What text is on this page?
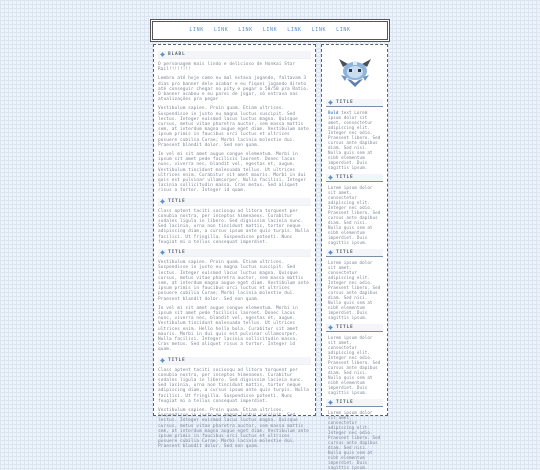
LINK	LINK	LINK	LINK	LINK	LINK	LINK
BLABL

O personagem mais lindo e delicioso de Honkai Star Rail!!!!!!!!

Lembro até hoje como eu mal estava jogando, faltavam 3 dias pro banner dele acabar e eu fiquei jogando direto até conseguir chegar no pity e pegar o 50/50 pra Ratio. O banner acabou e eu parei de jogar, só entrava nas atualizações pra pegar

Vestibulum sapien. Proin quam. Etiam ultrices. Suspendisse in justo eu magna luctus suscipit. Sed lectus. Integer euismod lacus luctus magna. Quisque cursus, metus vitae pharetra auctor, sem massa mattis sem, at interdum magna augue eget diam. Vestibulum ante ipsum primis in faucibus orci luctus et ultrices posuere cubilia Curae; Morbi lacinia molestie dui. Praesent blandit dolor. Sed non quam.

In vel mi sit amet augue congue elementum. Morbi in ipsum sit amet pede facilisis laoreet. Donec lacus nunc, viverra nec, blandit vel, egestas et, augue. Vestibulum tincidunt malesuada tellus. Ut ultrices ultrices enim. Curabitur sit amet mauris. Morbi in dui quis est pulvinar ullamcorper. Nulla facilisi. Integer lacinia sollicitudin massa. Cras metus. Sed aliquet risus a tortor. Integer id quam.

TITLE

Class aptent taciti sociosqu ad litora torquent per conubia nostra, per inceptos himenaeos. Curabitur sodales ligula in libero. Sed dignissim lacinia nunc. Sed lacinia, urna non tincidunt mattis, tortor neque adipiscing diam, a cursus ipsum ante quis turpis. Nulla facilisi. Ut fringilla. Suspendisse potenti. Nunc feugiat mi a tellus consequat imperdiet.

TITLE

Vestibulum sapien. Proin quam. Etiam ultrices. Suspendisse in justo eu magna luctus suscipit. Sed lectus. Integer euismod lacus luctus magna. Quisque cursus, metus vitae pharetra auctor, sem massa mattis sem, at interdum magna augue eget diam. Vestibulum ante ipsum primis in faucibus orci luctus et ultrices posuere cubilia Curae; Morbi lacinia molestie dui. Praesent blandit dolor. Sed non quam.

In vel mi sit amet augue congue elementum. Morbi in ipsum sit amet pede facilisis laoreet. Donec lacus nunc, viverra nec, blandit vel, egestas et, augue. Vestibulum tincidunt malesuada tellus. Ut ultrices ultrices enim. Hello hello bola. Curabitur sit amet mauris. Morbi in dui quis est pulvinar ullamcorper. Nulla facilisi. Integer lacinia sollicitudin massa. Cras metus. Sed aliquet risus a tortor. Integer id quam.

TITLE

Class aptent taciti sociosqu ad litora torquent per conubia nostra, per inceptos himenaeos. Curabitur sodales ligula in libero. Sed dignissim lacinia nunc. Sed lacinia, urna non tincidunt mattis, tortor neque adipiscing diam, a cursus ipsum ante quis turpis. Nulla facilisi. Ut fringilla. Suspendisse potenti. Nunc feugiat mi a tellus consequat imperdiet.

Vestibulum sapien. Proin quam. Etiam ultrices. Suspendisse in justo eu magna luctus suscipit. Sed lectus. Integer euismod lacus luctus magna. Quisque cursus, metus vitae pharetra auctor, sem massa mattis sem, at interdum magna augue eget diam. Vestibulum ante ipsum primis in faucibus orci luctus et ultrices posuere cubilia Curae; Morbi lacinia molestie dui. Praesent blandit dolor. Sed non quam.

TITLE

Bold text Lorem ipsum dolor sit amet, consectetur adipiscing elit. Integer nec odio. Praesent libero. Sed cursus ante dapibus diam. Sed nisi. Nulla quis sem at nibh elementum imperdiet. Duis sagittis ipsum.

TITLE

Lorem ipsum dolor sit amet, consectetur adipiscing elit. Integer nec odio. Praesent libero. Sed cursus ante dapibus diam. Sed nisi. Nulla quis sem at nibh elementum imperdiet. Duis sagittis ipsum.

TITLE

Lorem ipsum dolor sit amet, consectetur adipiscing elit. Integer nec odio. Praesent libero. Sed cursus ante dapibus diam. Sed nisi. Nulla quis sem at nibh elementum imperdiet. Duis sagittis ipsum.

TITLE

Lorem ipsum dolor sit amet, consectetur adipiscing elit. Integer nec odio. Praesent libero. Sed cursus ante dapibus diam. Sed nisi. Nulla quis sem at nibh elementum imperdiet. Duis sagittis ipsum.

TITLE

Lorem ipsum dolor sit amet, consectetur adipiscing elit. Integer nec odio. Praesent libero. Sed cursus ante dapibus diam. Sed nisi. Nulla quis sem at nibh elementum imperdiet. Duis sagittis ipsum.
